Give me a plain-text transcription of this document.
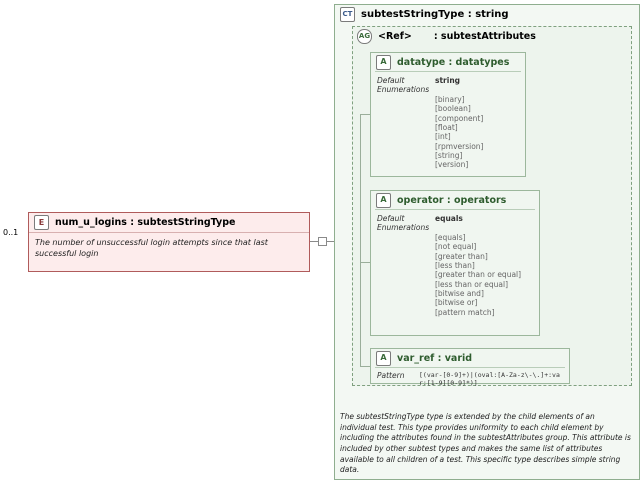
0..1
E	num_u_logins : subtestStringType
The number of unsuccessful login attempts since that last successful login
CT subtestStringType : string
AG <Ref> : subtestAttributes
A	datatype : datatypes
Default	string
Enumerations
[binary]
[boolean]
[component]
[float]
[int]
[rpmversion]
[string]
[version]
A	operator : operators
Default	equals
Enumerations
[equals]
[not equal]
[greater than]
[less than]
[greater than or equal]
[less than or equal]
[bitwise and]
[bitwise or]
[pattern match]
A	var_ref : varid
Pattern	[(var-[0-9]+)|(oval:[A-Za-z\-\.]+:var:[1-9][0-9]*)]
The subtestStringType type is extended by the child elements of an individual test. This type provides uniformity to each child element by including the attributes found in the subtestAttributes group. This attribute is included by other subtest types and makes the same list of attributes available to all children of a test. This specific type describes simple string data.
